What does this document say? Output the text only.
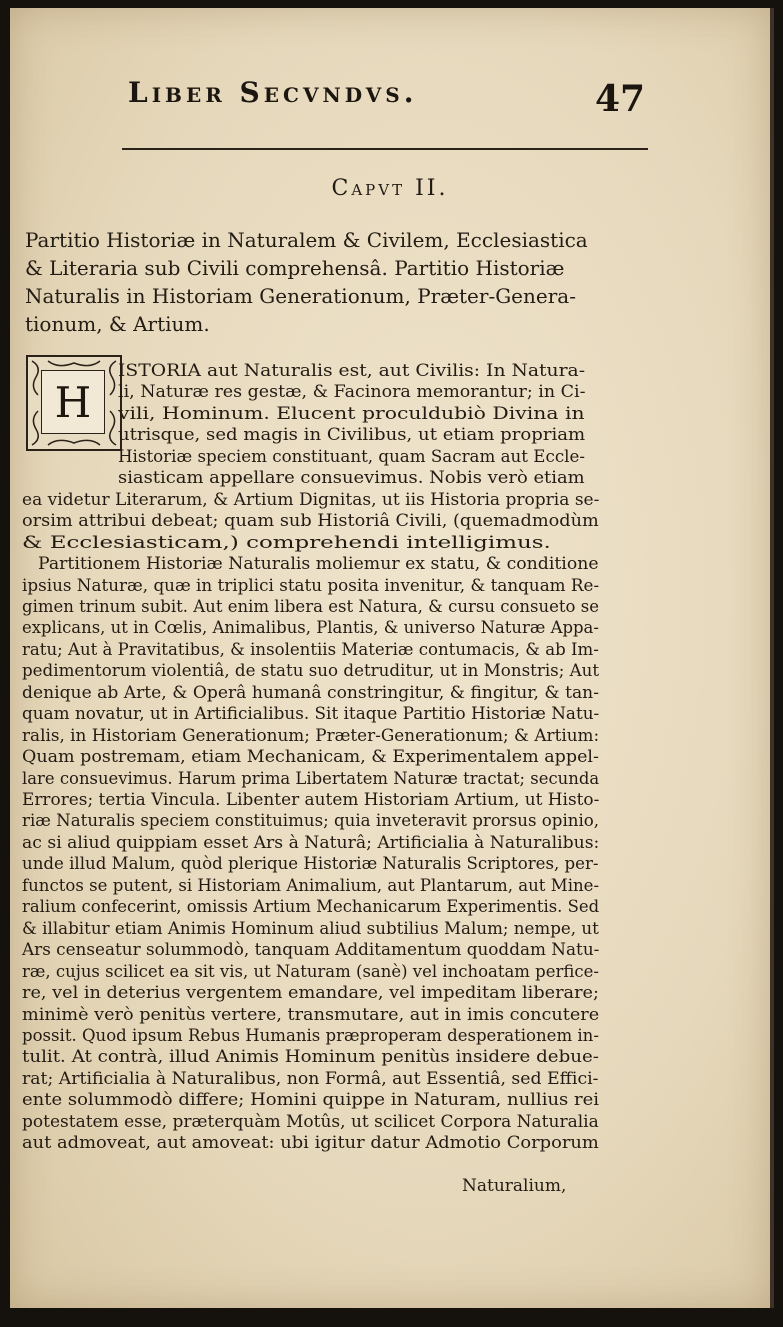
Liber Secvndvs.	47
Capvt II.
Partitio Historiæ in Naturalem & Civilem, Ecclesiastica
& Literaria sub Civili comprehensâ. Partitio Historiæ
Naturalis in Historiam Generationum, Præter-Genera-
tionum, & Artium.
H
ISTORIA aut Naturalis est, aut Civilis: In Natura-
li, Naturæ res gestæ, & Facinora memorantur; in Ci-
vili, Hominum. Elucent proculdubiò Divina in
utrisque, sed magis in Civilibus, ut etiam propriam
Historiæ speciem constituant, quam Sacram aut Eccle-
siasticam appellare consuevimus. Nobis verò etiam
ea videtur Literarum, & Artium Dignitas, ut iis Historia propria se-
orsim attribui debeat; quam sub Historiâ Civili, (quemadmodùm
& Ecclesiasticam,) comprehendi intelligimus.
Partitionem Historiæ Naturalis moliemur ex statu, & conditione
ipsius Naturæ, quæ in triplici statu posita invenitur, & tanquam Re-
gimen trinum subit. Aut enim libera est Natura, & cursu consueto se
explicans, ut in Cœlis, Animalibus, Plantis, & universo Naturæ Appa-
ratu; Aut à Pravitatibus, & insolentiis Materiæ contumacis, & ab Im-
pedimentorum violentiâ, de statu suo detruditur, ut in Monstris; Aut
denique ab Arte, & Operâ humanâ constringitur, & fingitur, & tan-
quam novatur, ut in Artificialibus. Sit itaque Partitio Historiæ Natu-
ralis, in Historiam Generationum; Præter-Generationum; & Artium:
Quam postremam, etiam Mechanicam, & Experimentalem appel-
lare consuevimus. Harum prima Libertatem Naturæ tractat; secunda
Errores; tertia Vincula. Libenter autem Historiam Artium, ut Histo-
riæ Naturalis speciem constituimus; quia inveteravit prorsus opinio,
ac si aliud quippiam esset Ars à Naturâ; Artificialia à Naturalibus:
unde illud Malum, quòd plerique Historiæ Naturalis Scriptores, per-
functos se putent, si Historiam Animalium, aut Plantarum, aut Mine-
ralium confecerint, omissis Artium Mechanicarum Experimentis. Sed
& illabitur etiam Animis Hominum aliud subtilius Malum; nempe, ut
Ars censeatur solummodò, tanquam Additamentum quoddam Natu-
ræ, cujus scilicet ea sit vis, ut Naturam (sanè) vel inchoatam perfice-
re, vel in deterius vergentem emandare, vel impeditam liberare;
minimè verò penitùs vertere, transmutare, aut in imis concutere
possit. Quod ipsum Rebus Humanis præproperam desperationem in-
tulit. At contrà, illud Animis Hominum penitùs insidere debue-
rat; Artificialia à Naturalibus, non Formâ, aut Essentiâ, sed Effici-
ente solummodò differe; Homini quippe in Naturam, nullius rei
potestatem esse, præterquàm Motûs, ut scilicet Corpora Naturalia
aut admoveat, aut amoveat: ubi igitur datur Admotio Corporum
Naturalium,
